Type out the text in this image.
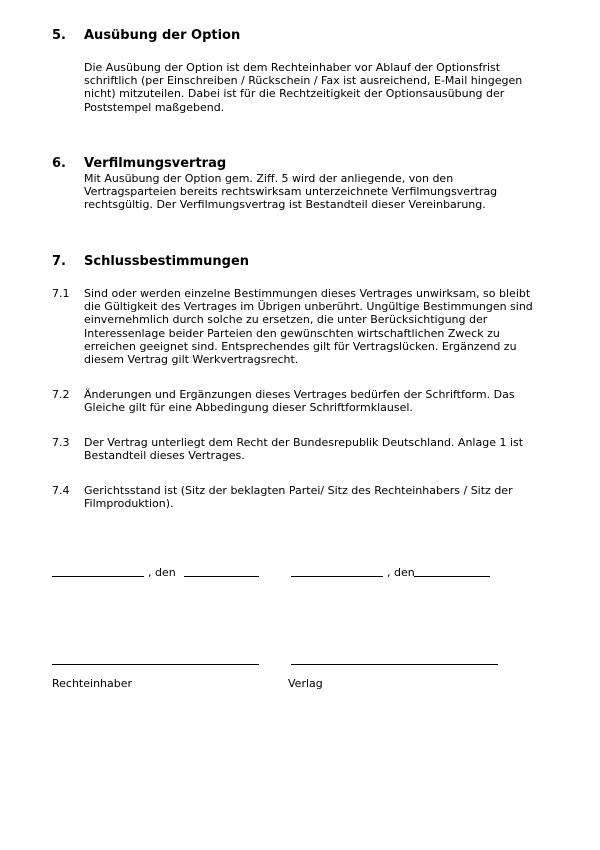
5. Ausübung der Option
Die Ausübung der Option ist dem Rechteinhaber vor Ablauf der Optionsfrist
schriftlich (per Einschreiben / Rückschein / Fax ist ausreichend, E-Mail hingegen
nicht) mitzuteilen. Dabei ist für die Rechtzeitigkeit der Optionsausübung der
Poststempel maßgebend.
6. Verfilmungsvertrag
Mit Ausübung der Option gem. Ziff. 5 wird der anliegende, von den
Vertragsparteien bereits rechtswirksam unterzeichnete Verfilmungsvertrag
rechtsgültig. Der Verfilmungsvertrag ist Bestandteil dieser Vereinbarung.
7. Schlussbestimmungen
7.1 Sind oder werden einzelne Bestimmungen dieses Vertrages unwirksam, so bleibt
die Gültigkeit des Vertrages im Übrigen unberührt. Ungültige Bestimmungen sind
einvernehmlich durch solche zu ersetzen, die unter Berücksichtigung der
Interessenlage beider Parteien den gewünschten wirtschaftlichen Zweck zu
erreichen geeignet sind. Entsprechendes gilt für Vertragslücken. Ergänzend zu
diesem Vertrag gilt Werkvertragsrecht.
7.2 Änderungen und Ergänzungen dieses Vertrages bedürfen der Schriftform. Das
Gleiche gilt für eine Abbedingung dieser Schriftformklausel.
7.3 Der Vertrag unterliegt dem Recht der Bundesrepublik Deutschland. Anlage 1 ist
Bestandteil dieses Vertrages.
7.4 Gerichtsstand ist (Sitz der beklagten Partei/ Sitz des Rechteinhabers / Sitz der
Filmproduktion).
, den	, den
Rechteinhaber	Verlag
